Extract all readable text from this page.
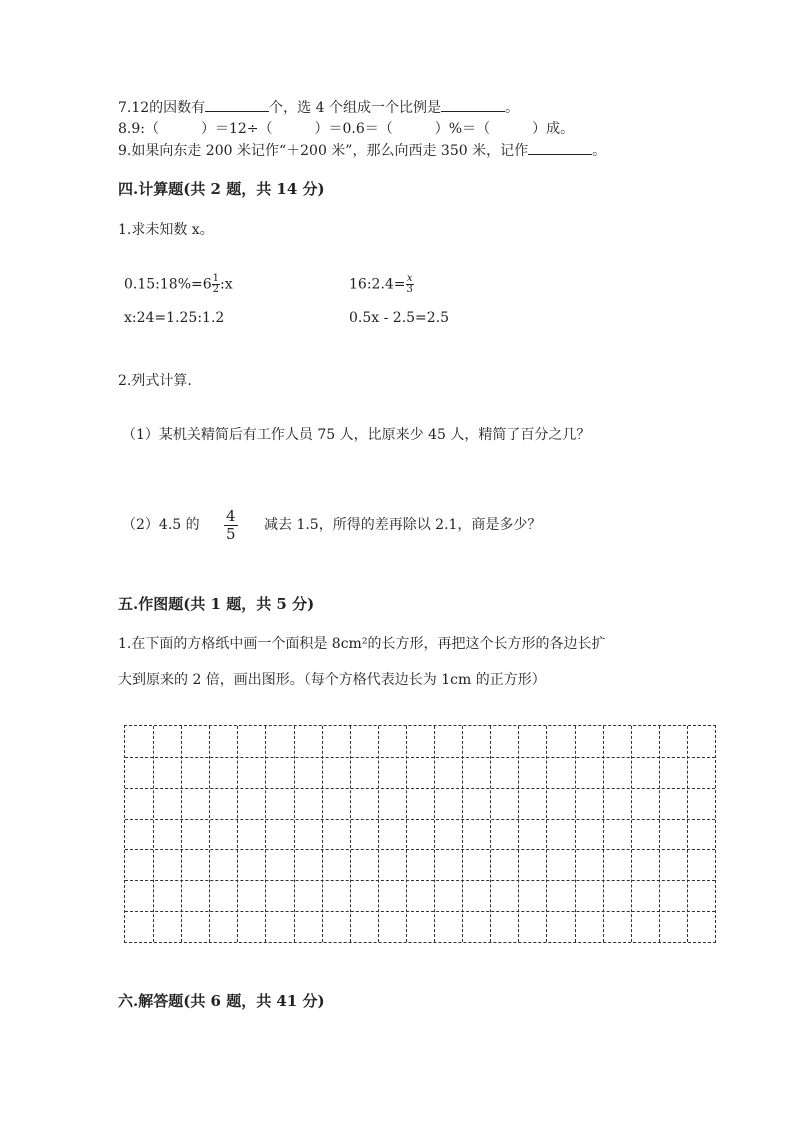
7.12的因数有	个，选 4 个组成一个比例是	。
8.9:（　　　）＝12÷（　　　）＝0.6＝（　　　）%＝（　　　）成。
9.如果向东走 200 米记作“＋200 米”，那么向西走 350 米，记作	。
四.计算题(共 2 题，共 14 分)
1.求未知数 x。
0.15:18%=6 $\frac{1}{2}$ :x	16:2.4= $\frac{x}{3}$
x:24=1.25:1.2	0.5x - 2.5=2.5
2.列式计算.
（1）某机关精简后有工作人员 75 人，比原来少 45 人，精简了百分之几？
（2）4.5 的 $\frac{4}{5}$ 减去 1.5，所得的差再除以 2.1，商是多少？
五.作图题(共 1 题，共 5 分)
1.在下面的方格纸中画一个面积是 8cm²的长方形，再把这个长方形的各边长扩
大到原来的 2 倍，画出图形。（每个方格代表边长为 1cm 的正方形）
六.解答题(共 6 题，共 41 分)
